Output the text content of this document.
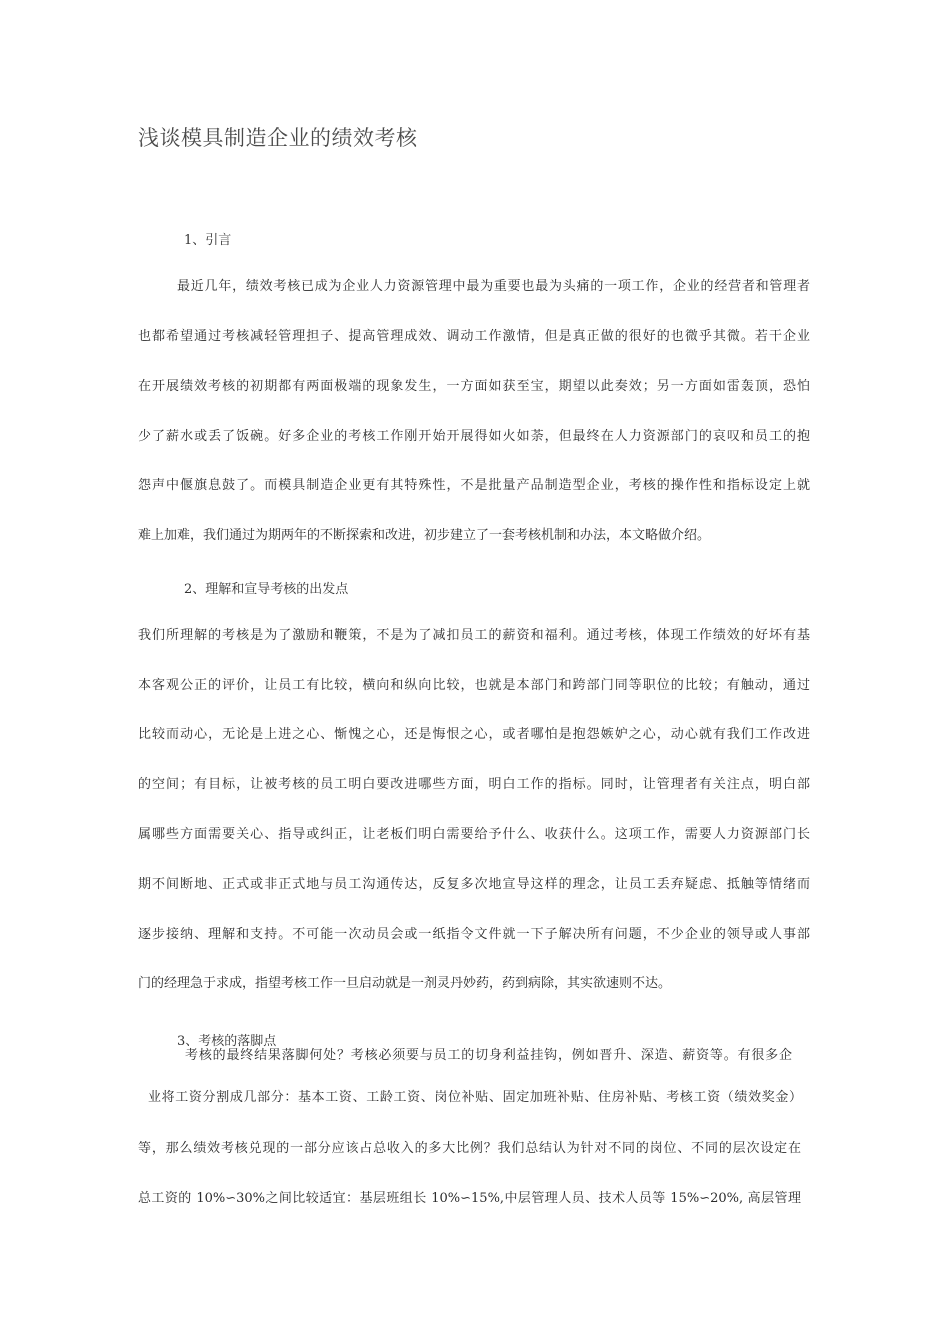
浅谈模具制造企业的绩效考核
1、引言
最近几年，绩效考核已成为企业人力资源管理中最为重要也最为头痛的一项工作，企业的经营者和管理者
也都希望通过考核减轻管理担子、提高管理成效、调动工作激情，但是真正做的很好的也微乎其微。若干企业
在开展绩效考核的初期都有两面极端的现象发生，一方面如获至宝，期望以此奏效；另一方面如雷轰顶，恐怕
少了薪水或丢了饭碗。好多企业的考核工作刚开始开展得如火如荼，但最终在人力资源部门的哀叹和员工的抱
怨声中偃旗息鼓了。而模具制造企业更有其特殊性，不是批量产品制造型企业，考核的操作性和指标设定上就
难上加难，我们通过为期两年的不断探索和改进，初步建立了一套考核机制和办法，本文略做介绍。
2、理解和宣导考核的出发点
我们所理解的考核是为了激励和鞭策，不是为了减扣员工的薪资和福利。通过考核，体现工作绩效的好坏有基
本客观公正的评价，让员工有比较，横向和纵向比较，也就是本部门和跨部门同等职位的比较；有触动，通过
比较而动心，无论是上进之心、惭愧之心，还是悔恨之心，或者哪怕是抱怨嫉妒之心，动心就有我们工作改进
的空间；有目标，让被考核的员工明白要改进哪些方面，明白工作的指标。同时，让管理者有关注点，明白部
属哪些方面需要关心、指导或纠正，让老板们明白需要给予什么、收获什么。这项工作，需要人力资源部门长
期不间断地、正式或非正式地与员工沟通传达，反复多次地宣导这样的理念，让员工丢弃疑虑、抵触等情绪而
逐步接纳、理解和支持。不可能一次动员会或一纸指令文件就一下子解决所有问题，不少企业的领导或人事部
门的经理急于求成，指望考核工作一旦启动就是一剂灵丹妙药，药到病除，其实欲速则不达。
3、考核的落脚点
考核的最终结果落脚何处？考核必须要与员工的切身利益挂钩，例如晋升、深造、薪资等。有很多企
业将工资分割成几部分：基本工资、工龄工资、岗位补贴、固定加班补贴、住房补贴、考核工资（绩效奖金）
等，那么绩效考核兑现的一部分应该占总收入的多大比例？我们总结认为针对不同的岗位、不同的层次设定在
总工资的 10%∽30%之间比较适宜：基层班组长 10%∽15%,中层管理人员、技术人员等 15%∽20%, 高层管理
